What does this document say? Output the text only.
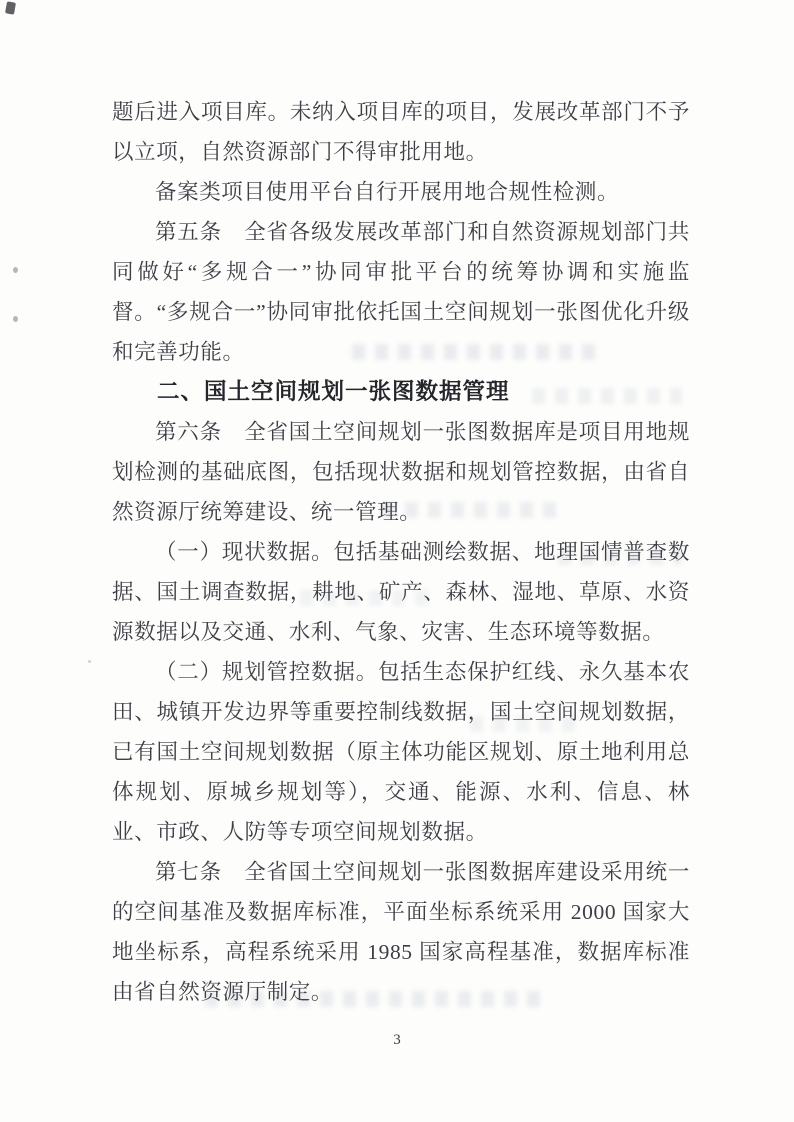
题后进入项目库。未纳入项目库的项目，发展改革部门不予以立项，自然资源部门不得审批用地。

备案类项目使用平台自行开展用地合规性检测。

第五条　全省各级发展改革部门和自然资源规划部门共同做好“多规合一”协同审批平台的统筹协调和实施监督。“多规合一”协同审批依托国土空间规划一张图优化升级和完善功能。

二、国土空间规划一张图数据管理

第六条　全省国土空间规划一张图数据库是项目用地规划检测的基础底图，包括现状数据和规划管控数据，由省自然资源厅统筹建设、统一管理。

（一）现状数据。包括基础测绘数据、地理国情普查数据、国土调查数据，耕地、矿产、森林、湿地、草原、水资源数据以及交通、水利、气象、灾害、生态环境等数据。

（二）规划管控数据。包括生态保护红线、永久基本农田、城镇开发边界等重要控制线数据，国土空间规划数据，已有国土空间规划数据（原主体功能区规划、原土地利用总体规划、原城乡规划等），交通、能源、水利、信息、林业、市政、人防等专项空间规划数据。

第七条　全省国土空间规划一张图数据库建设采用统一的空间基准及数据库标准，平面坐标系统采用 2000 国家大地坐标系，高程系统采用 1985 国家高程基准，数据库标准由省自然资源厅制定。

3
